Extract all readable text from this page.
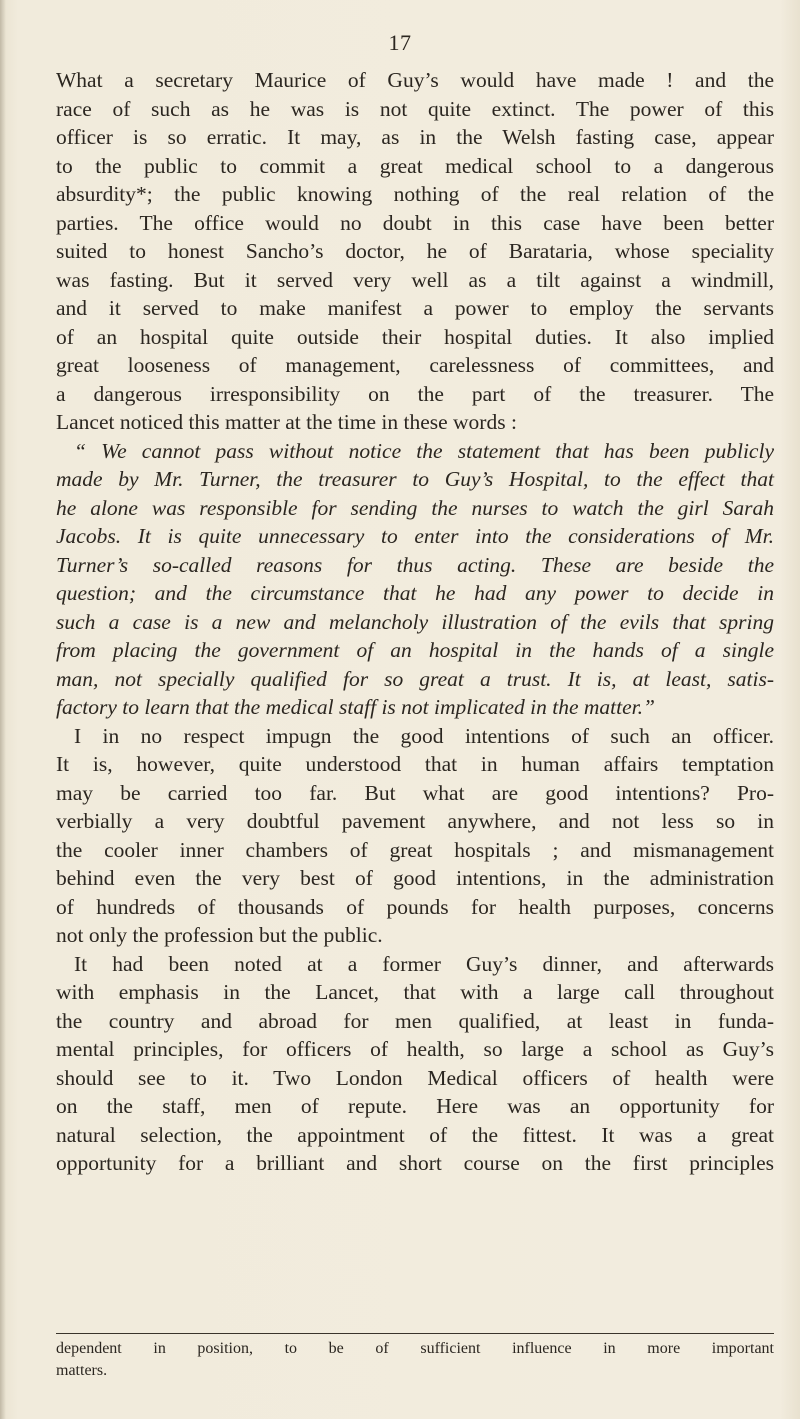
17
What a secretary Maurice of Guy’s would have made ! and the
race of such as he was is not quite extinct. The power of this
officer is so erratic. It may, as in the Welsh fasting case, appear
to the public to commit a great medical school to a dangerous
absurdity*; the public knowing nothing of the real relation of the
parties. The office would no doubt in this case have been better
suited to honest Sancho’s doctor, he of Barataria, whose speciality
was fasting. But it served very well as a tilt against a windmill,
and it served to make manifest a power to employ the servants
of an hospital quite outside their hospital duties. It also implied
great looseness of management, carelessness of committees, and
a dangerous irresponsibility on the part of the treasurer. The
Lancet noticed this matter at the time in these words :
“ We cannot pass without notice the statement that has been publicly
made by Mr. Turner, the treasurer to Guy’s Hospital, to the effect that
he alone was responsible for sending the nurses to watch the girl Sarah
Jacobs. It is quite unnecessary to enter into the considerations of Mr.
Turner’s so-called reasons for thus acting. These are beside the
question; and the circumstance that he had any power to decide in
such a case is a new and melancholy illustration of the evils that spring
from placing the government of an hospital in the hands of a single
man, not specially qualified for so great a trust. It is, at least, satis-
factory to learn that the medical staff is not implicated in the matter.”
I in no respect impugn the good intentions of such an officer.
It is, however, quite understood that in human affairs temptation
may be carried too far. But what are good intentions? Pro-
verbially a very doubtful pavement anywhere, and not less so in
the cooler inner chambers of great hospitals ; and mismanagement
behind even the very best of good intentions, in the administration
of hundreds of thousands of pounds for health purposes, concerns
not only the profession but the public.
It had been noted at a former Guy’s dinner, and afterwards
with emphasis in the Lancet, that with a large call throughout
the country and abroad for men qualified, at least in funda-
mental principles, for officers of health, so large a school as Guy’s
should see to it. Two London Medical officers of health were
on the staff, men of repute. Here was an opportunity for
natural selection, the appointment of the fittest. It was a great
opportunity for a brilliant and short course on the first principles
dependent in position, to be of sufficient influence in more important
matters.
